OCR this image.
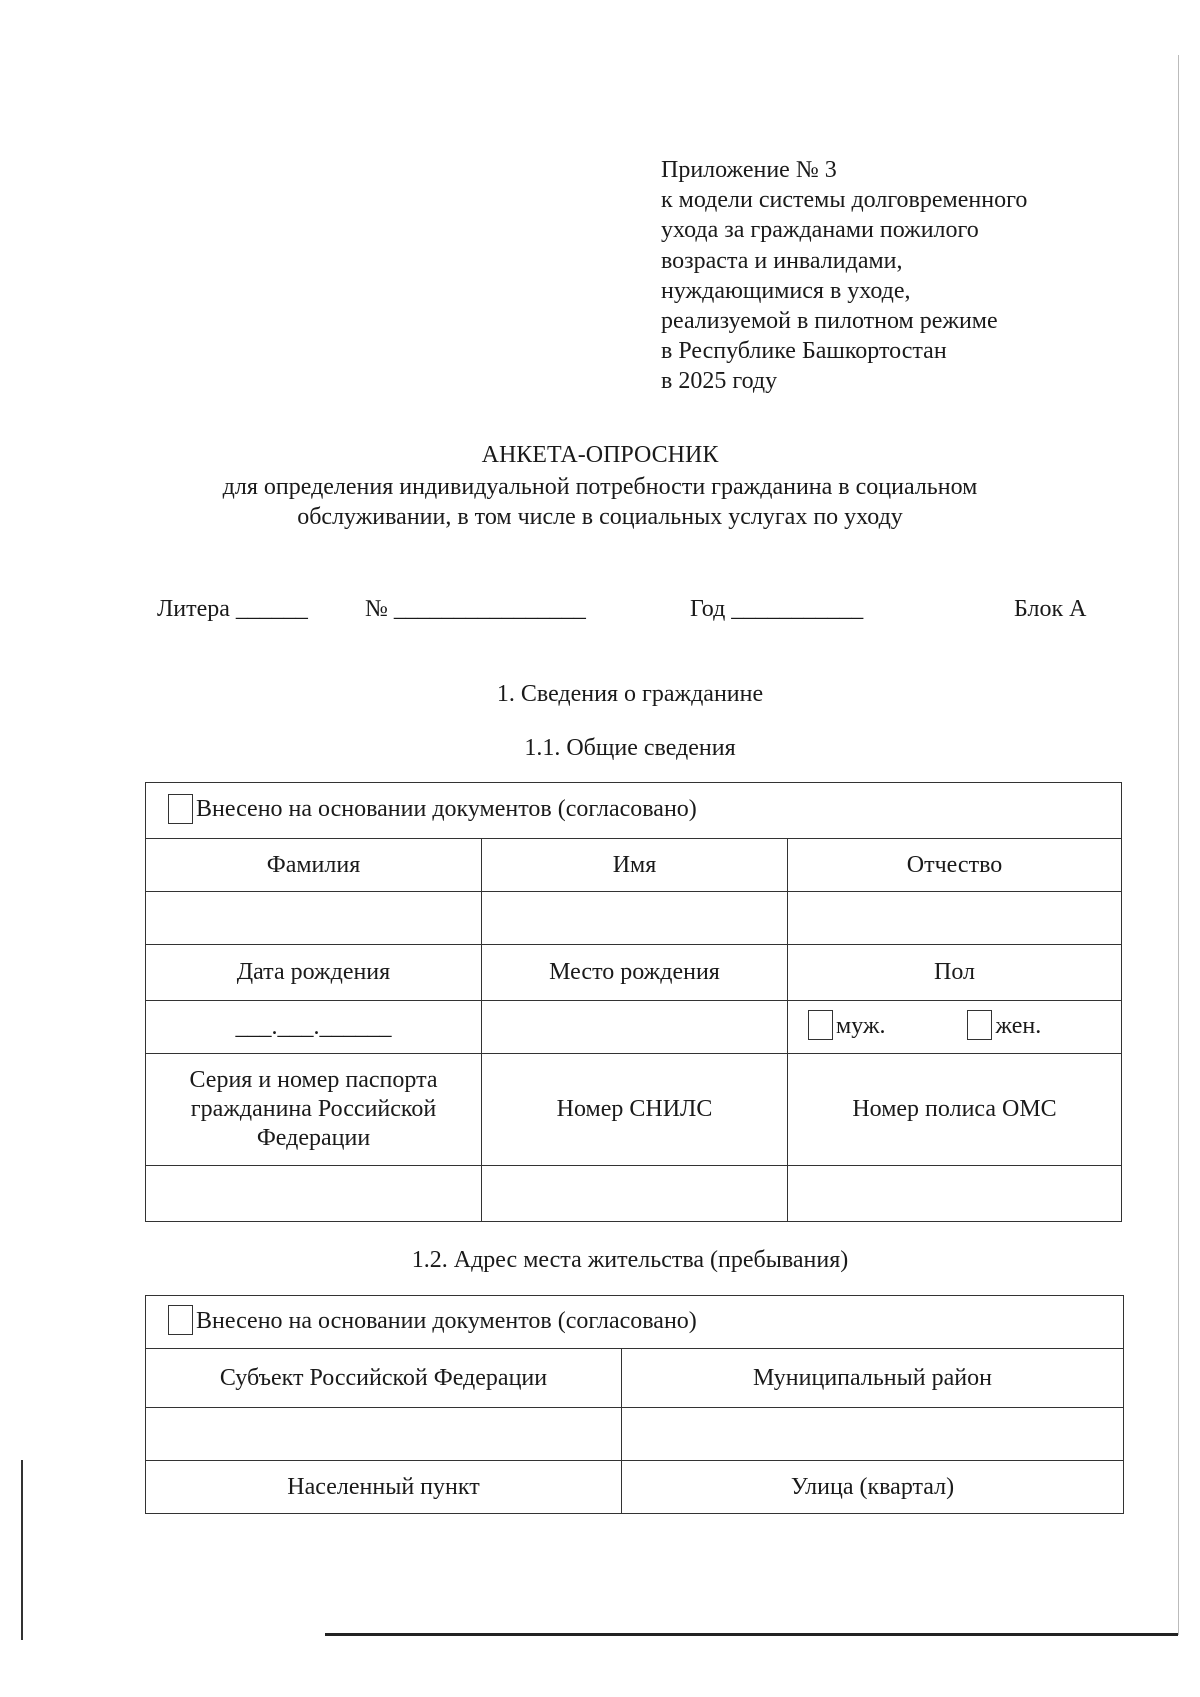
Приложение № 3
к модели системы долговременного
ухода за гражданами пожилого
возраста и инвалидами,
нуждающимися в уходе,
реализуемой в пилотном режиме
в Республике Башкортостан
в 2025 году
АНКЕТА-ОПРОСНИК
для определения индивидуальной потребности гражданина в социальном
обслуживании, в том числе в социальных услугах по уходу
Литера ______ № ________________	Год ___________	Блок А
1. Сведения о гражданине
1.1. Общие сведения
Внесено на основании документов (согласовано)		
Фамилия	Имя	Отчество

Дата рождения	Место рождения	Пол
___.___.______		муж. жен.
Серия и номер паспорта гражданина Российской Федерации	Номер СНИЛС	Номер полиса ОМС

1.2. Адрес места жительства (пребывания)
Внесено на основании документов (согласовано)	
Субъект Российской Федерации	Муниципальный район

Населенный пункт	Улица (квартал)
